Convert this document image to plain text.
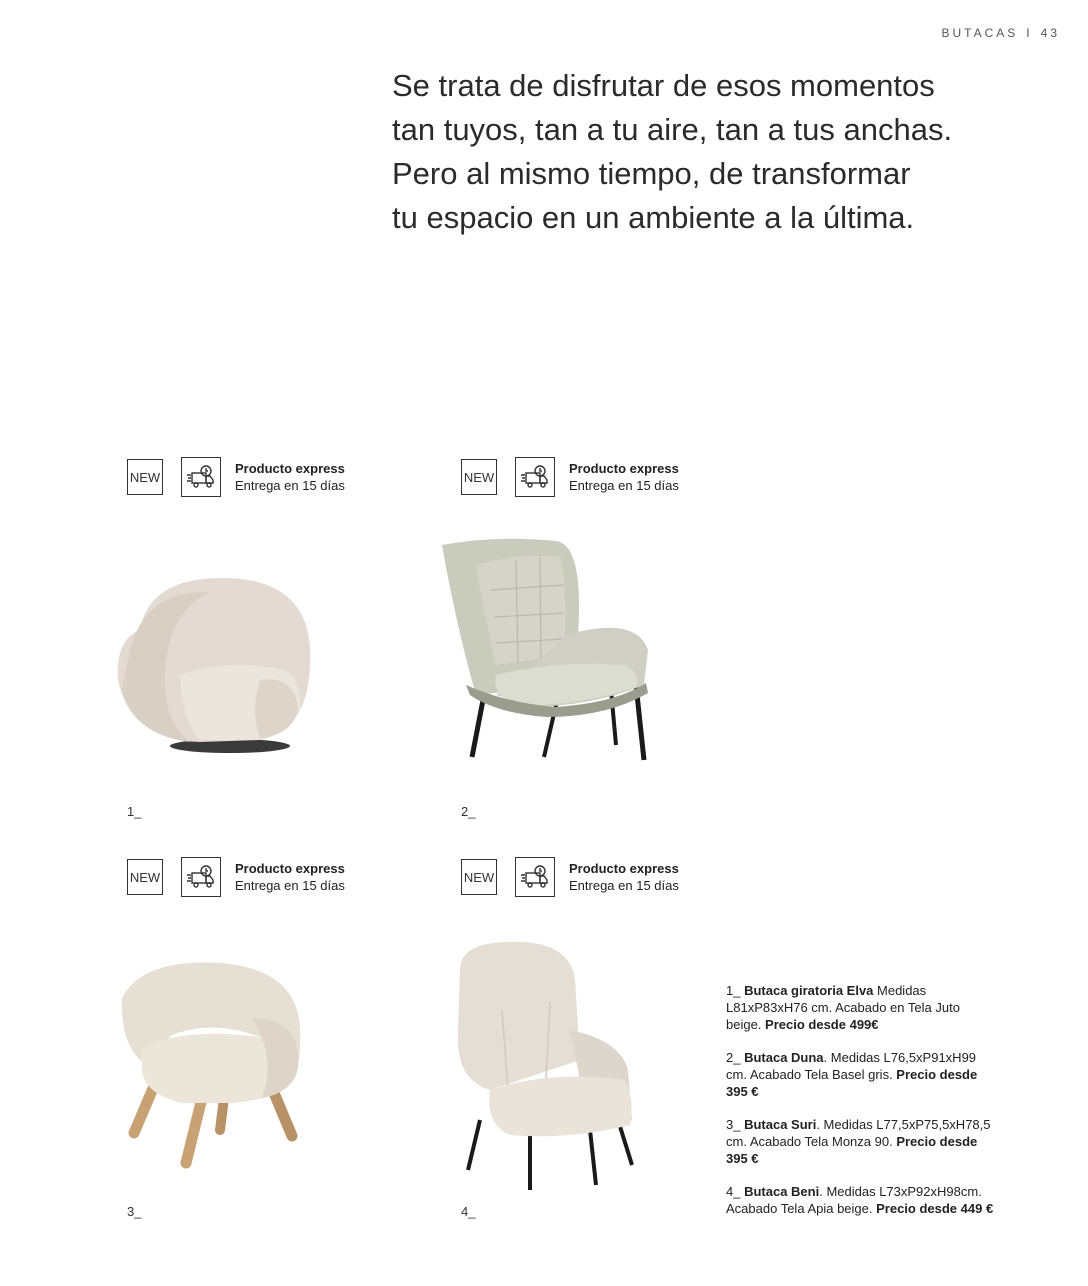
BUTACAS I 43
Se trata de disfrutar de esos momentos
tan tuyos, tan a tu aire, tan a tus anchas.
Pero al mismo tiempo, de transformar
tu espacio en un ambiente a la última.
NEW
Producto express
Entrega en 15 días
NEW
Producto express
Entrega en 15 días
NEW
Producto express
Entrega en 15 días
NEW
Producto express
Entrega en 15 días
1_	2_
3_	4_

1_ Butaca giratoria Elva Medidas L81xP83xH76 cm. Acabado en Tela Juto beige. Precio desde 499€

2_ Butaca Duna. Medidas L76,5xP91xH99 cm. Acabado Tela Basel gris. Precio desde 395 €

3_ Butaca Suri. Medidas L77,5xP75,5xH78,5 cm. Acabado Tela Monza 90. Precio desde 395 €

4_ Butaca Beni. Medidas L73xP92xH98cm. Acabado Tela Apia beige. Precio desde 449 €
